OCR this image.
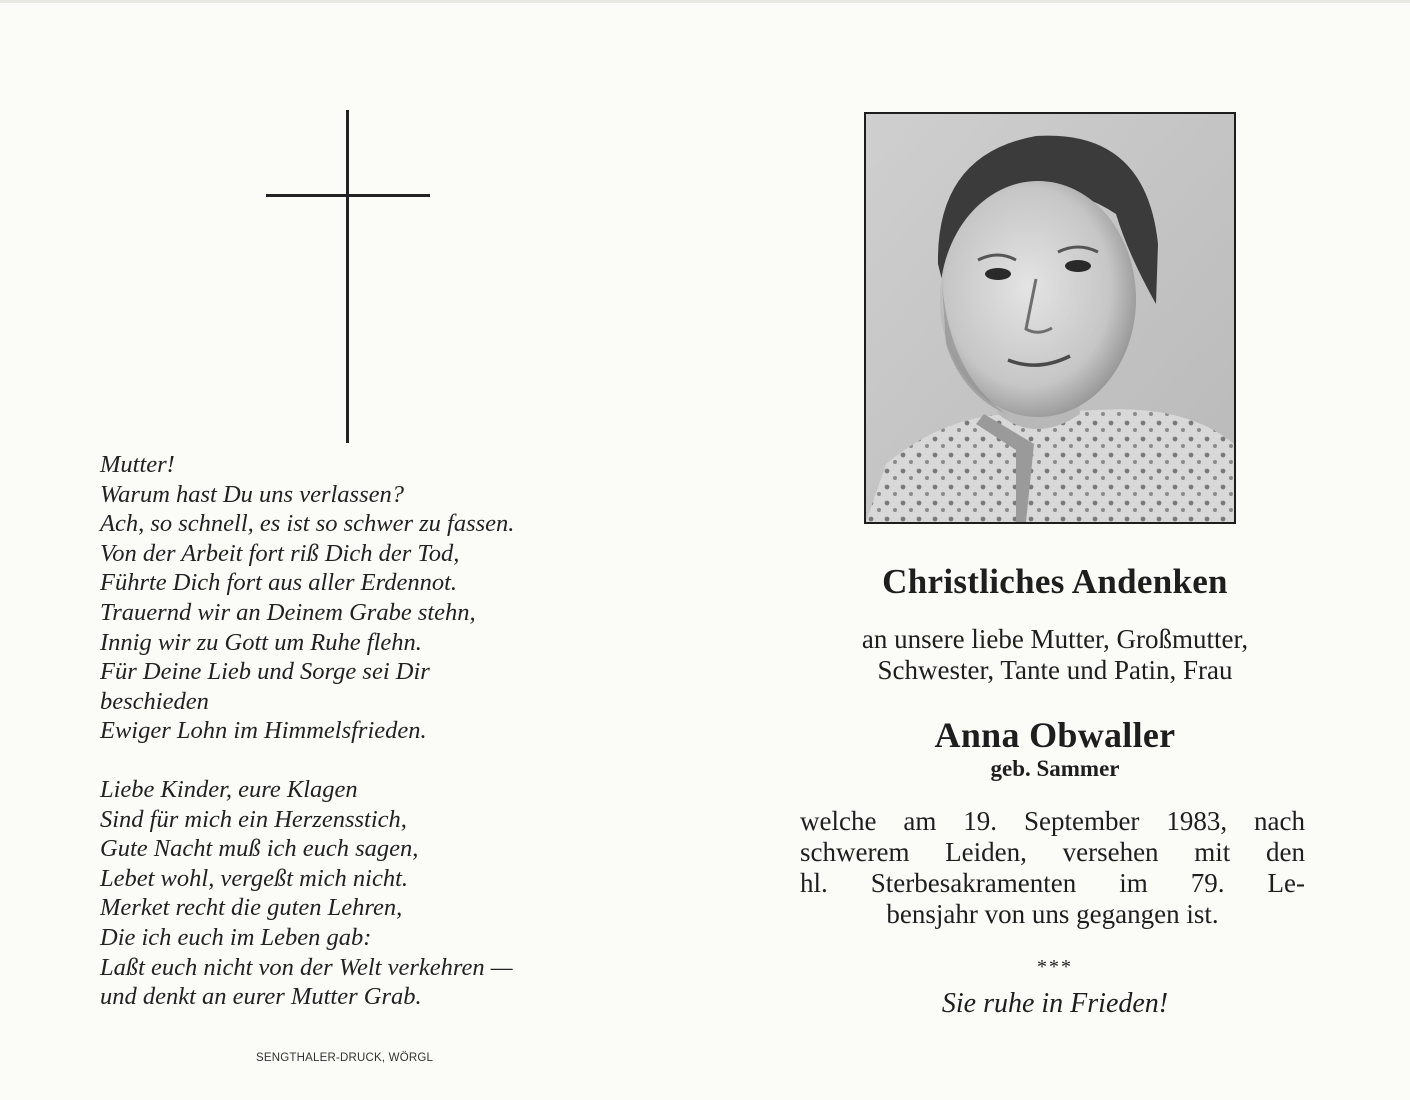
Mutter!
Warum hast Du uns verlassen?
Ach, so schnell, es ist so schwer zu fassen.
Von der Arbeit fort riß Dich der Tod,
Führte Dich fort aus aller Erdennot.
Trauernd wir an Deinem Grabe stehn,
Innig wir zu Gott um Ruhe flehn.
Für Deine Lieb und Sorge sei Dir
beschieden
Ewiger Lohn im Himmelsfrieden.
Liebe Kinder, eure Klagen
Sind für mich ein Herzensstich,
Gute Nacht muß ich euch sagen,
Lebet wohl, vergeßt mich nicht.
Merket recht die guten Lehren,
Die ich euch im Leben gab:
Laßt euch nicht von der Welt verkehren —
und denkt an eurer Mutter Grab.
SENGTHALER-DRUCK, WÖRGL
Christliches Andenken
an unsere liebe Mutter, Großmutter,
Schwester, Tante und Patin, Frau
Anna Obwaller
geb. Sammer
welche am 19. September 1983, nach
schwerem Leiden, versehen mit den
hl. Sterbesakramenten im 79. Le-
bensjahr von uns gegangen ist.
***
Sie ruhe in Frieden!
